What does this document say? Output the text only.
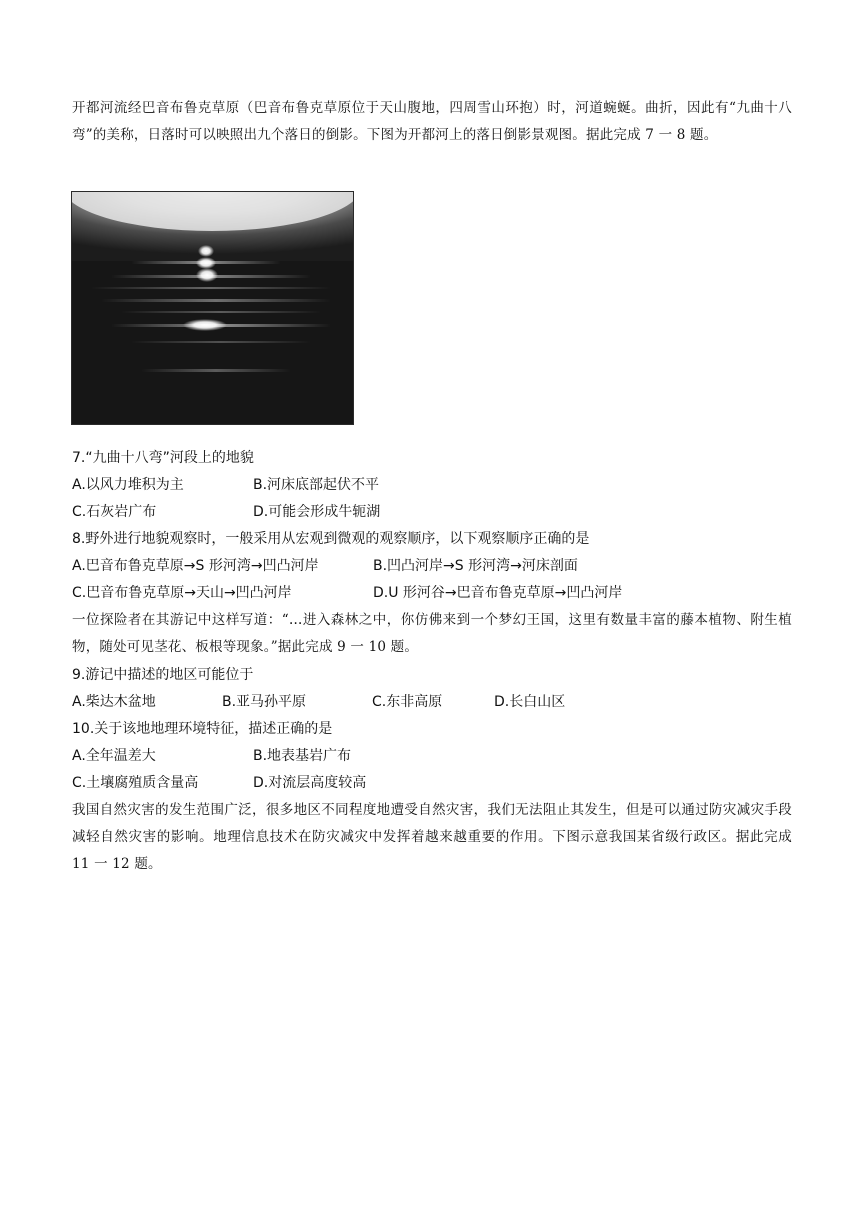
开都河流经巴音布鲁克草原（巴音布鲁克草原位于天山腹地，四周雪山环抱）时，河道蜿蜒。曲折，因此有“九曲十八弯”的美称，日落时可以映照出九个落日的倒影。下图为开都河上的落日倒影景观图。据此完成 7 一 8 题。
7.“九曲十八弯”河段上的地貌
A.以风力堆积为主	B.河床底部起伏不平
C.石灰岩广布	D.可能会形成牛轭湖
8.野外进行地貌观察时，一般采用从宏观到微观的观察顺序，以下观察顺序正确的是
A.巴音布鲁克草原→S 形河湾→凹凸河岸	B.凹凸河岸→S 形河湾→河床剖面
C.巴音布鲁克草原→天山→凹凸河岸	D.U 形河谷→巴音布鲁克草原→凹凸河岸
一位探险者在其游记中这样写道：“…进入森林之中，你仿佛来到一个梦幻王国，这里有数量丰富的藤本植物、附生植物，随处可见茎花、板根等现象。”据此完成 9 一 10 题。
9.游记中描述的地区可能位于
A.柴达木盆地	B.亚马孙平原	C.东非高原	D.长白山区
10.关于该地地理环境特征，描述正确的是
A.全年温差大	B.地表基岩广布
C.土壤腐殖质含量高	D.对流层高度较高
我国自然灾害的发生范围广泛，很多地区不同程度地遭受自然灾害，我们无法阻止其发生，但是可以通过防灾减灾手段减轻自然灾害的影响。地理信息技术在防灾减灾中发挥着越来越重要的作用。下图示意我国某省级行政区。据此完成 11 一 12 题。
